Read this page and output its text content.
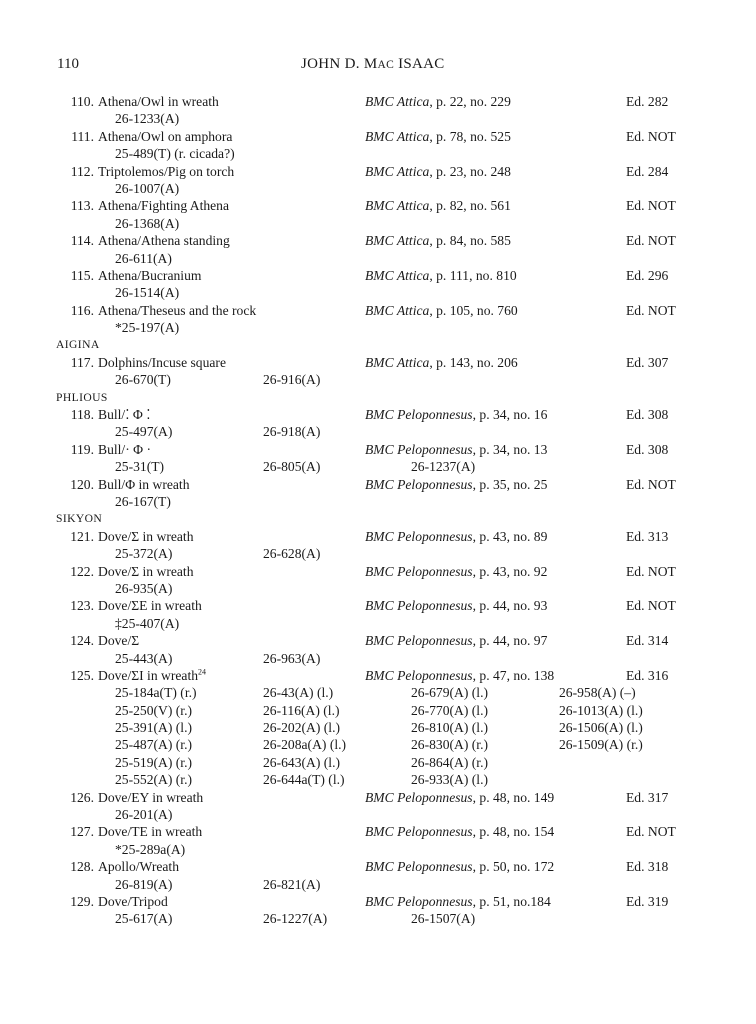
110	JOHN D. MAC ISAAC
110. Athena/Owl in wreath	BMC Attica, p. 22, no. 229	Ed. 282
26-1233(A)
111. Athena/Owl on amphora	BMC Attica, p. 78, no. 525	Ed. NOT
25-489(T) (r. cicada?)
112. Triptolemos/Pig on torch	BMC Attica, p. 23, no. 248	Ed. 284
26-1007(A)
113. Athena/Fighting Athena	BMC Attica, p. 82, no. 561	Ed. NOT
26-1368(A)
114. Athena/Athena standing	BMC Attica, p. 84, no. 585	Ed. NOT
26-611(A)
115. Athena/Bucranium	BMC Attica, p. 111, no. 810	Ed. 296
26-1514(A)
116. Athena/Theseus and the rock	BMC Attica, p. 105, no. 760	Ed. NOT
*25-197(A)
AIGINA
117. Dolphins/Incuse square	BMC Attica, p. 143, no. 206	Ed. 307
26-670(T)	26-916(A)
PHLIOUS
118. Bull/⁚ Φ ⁚	BMC Peloponnesus, p. 34, no. 16	Ed. 308
25-497(A)	26-918(A)
119. Bull/· Φ ·	BMC Peloponnesus, p. 34, no. 13	Ed. 308
25-31(T)	26-805(A)	26-1237(A)
120. Bull/Φ in wreath	BMC Peloponnesus, p. 35, no. 25	Ed. NOT
26-167(T)
SIKYON
121. Dove/Σ in wreath	BMC Peloponnesus, p. 43, no. 89	Ed. 313
25-372(A)	26-628(A)
122. Dove/Σ in wreath	BMC Peloponnesus, p. 43, no. 92	Ed. NOT
26-935(A)
123. Dove/ΣE in wreath	BMC Peloponnesus, p. 44, no. 93	Ed. NOT
‡25-407(A)
124. Dove/Σ	BMC Peloponnesus, p. 44, no. 97	Ed. 314
25-443(A)	26-963(A)
125. Dove/ΣI in wreath$^{24}$	BMC Peloponnesus, p. 47, no. 138	Ed. 316
25-184a(T) (r.)	26-43(A) (l.)	26-679(A) (l.)	26-958(A) (–)
25-250(V) (r.)	26-116(A) (l.)	26-770(A) (l.)	26-1013(A) (l.)
25-391(A) (l.)	26-202(A) (l.)	26-810(A) (l.)	26-1506(A) (l.)
25-487(A) (r.)	26-208a(A) (l.)	26-830(A) (r.)	26-1509(A) (r.)
25-519(A) (r.)	26-643(A) (l.)	26-864(A) (r.)
25-552(A) (r.)	26-644a(T) (l.)	26-933(A) (l.)
126. Dove/EY in wreath	BMC Peloponnesus, p. 48, no. 149	Ed. 317
26-201(A)
127. Dove/ΤΕ in wreath	BMC Peloponnesus, p. 48, no. 154	Ed. NOT
*25-289a(A)
128. Apollo/Wreath	BMC Peloponnesus, p. 50, no. 172	Ed. 318
26-819(A)	26-821(A)
129. Dove/Tripod	BMC Peloponnesus, p. 51, no.184	Ed. 319
25-617(A)	26-1227(A)	26-1507(A)
